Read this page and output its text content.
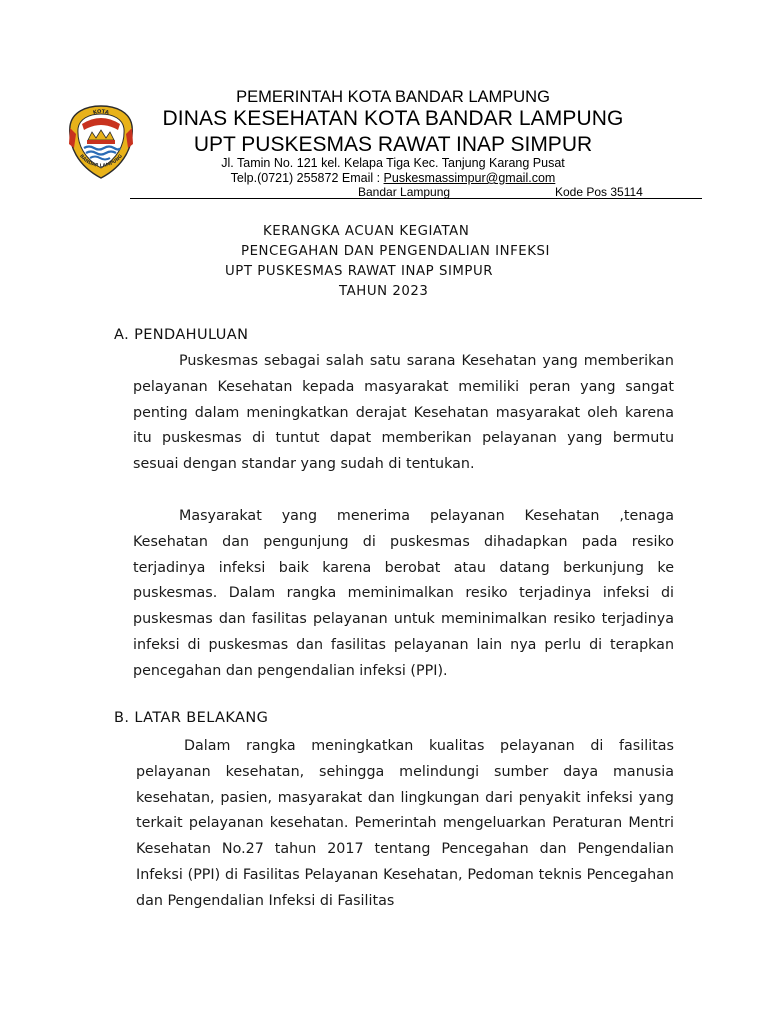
KOTA
BANDAR LAMPUNG
PEMERINTAH KOTA BANDAR LAMPUNG
DINAS KESEHATAN KOTA BANDAR LAMPUNG
UPT PUSKESMAS RAWAT INAP SIMPUR
Jl. Tamin No. 121 kel. Kelapa Tiga Kec. Tanjung Karang Pusat
Telp.(0721) 255872 Email : Puskesmassimpur@gmail.com
Bandar Lampung	Kode Pos 35114
KERANGKA ACUAN KEGIATAN
PENCEGAHAN DAN PENGENDALIAN INFEKSI
UPT PUSKESMAS RAWAT INAP SIMPUR
TAHUN 2023
A. PENDAHULUAN

Puskesmas sebagai salah satu sarana Kesehatan yang memberikan pelayanan Kesehatan kepada masyarakat memiliki peran yang sangat penting dalam meningkatkan derajat Kesehatan masyarakat oleh karena itu puskesmas di tuntut dapat memberikan pelayanan yang bermutu sesuai dengan standar yang sudah di tentukan.

Masyarakat yang menerima pelayanan Kesehatan ,tenaga Kesehatan dan pengunjung di puskesmas dihadapkan pada resiko terjadinya infeksi baik karena berobat atau datang berkunjung ke puskesmas. Dalam rangka meminimalkan resiko terjadinya infeksi di puskesmas dan fasilitas pelayanan untuk meminimalkan resiko terjadinya infeksi di puskesmas dan fasilitas pelayanan lain nya perlu di terapkan pencegahan dan pengendalian infeksi (PPI).

B. LATAR BELAKANG

Dalam rangka meningkatkan kualitas pelayanan di fasilitas pelayanan kesehatan, sehingga melindungi sumber daya manusia kesehatan, pasien, masyarakat dan lingkungan dari penyakit infeksi yang terkait pelayanan kesehatan. Pemerintah mengeluarkan Peraturan Mentri Kesehatan No.27 tahun 2017 tentang Pencegahan dan Pengendalian Infeksi (PPI) di Fasilitas Pelayanan Kesehatan, Pedoman teknis Pencegahan dan Pengendalian Infeksi di Fasilitas
